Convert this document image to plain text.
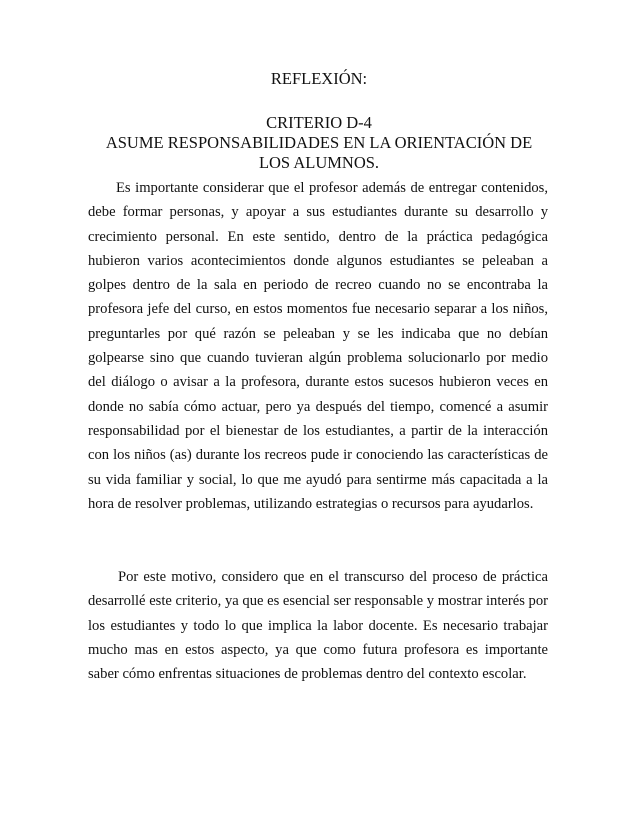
REFLEXIÓN:
CRITERIO D-4
ASUME RESPONSABILIDADES EN LA ORIENTACIÓN DE
LOS ALUMNOS.

Es importante considerar que el profesor además de entregar contenidos, debe formar personas, y apoyar a sus estudiantes durante su desarrollo y crecimiento personal. En este sentido, dentro de la práctica pedagógica hubieron varios acontecimientos donde algunos estudiantes se peleaban a golpes dentro de la sala en periodo de recreo cuando no se encontraba la profesora jefe del curso, en estos momentos fue necesario separar a los niños, preguntarles por qué razón se peleaban y se les indicaba que no debían golpearse sino que cuando tuvieran algún problema solucionarlo por medio del diálogo o avisar a la profesora, durante estos sucesos hubieron veces en donde no sabía cómo actuar, pero ya después del tiempo, comencé a asumir responsabilidad por el bienestar de los estudiantes, a partir de la interacción con los niños (as) durante los recreos pude ir conociendo las características de su vida familiar y social, lo que me ayudó para sentirme más capacitada a la hora de resolver problemas, utilizando estrategias o recursos para ayudarlos.

Por este motivo, considero que en el transcurso del proceso de práctica desarrollé este criterio, ya que es esencial ser responsable y mostrar interés por los estudiantes y todo lo que implica la labor docente. Es necesario trabajar mucho mas en estos aspecto, ya que como futura profesora es importante saber cómo enfrentas situaciones de problemas dentro del contexto escolar.
